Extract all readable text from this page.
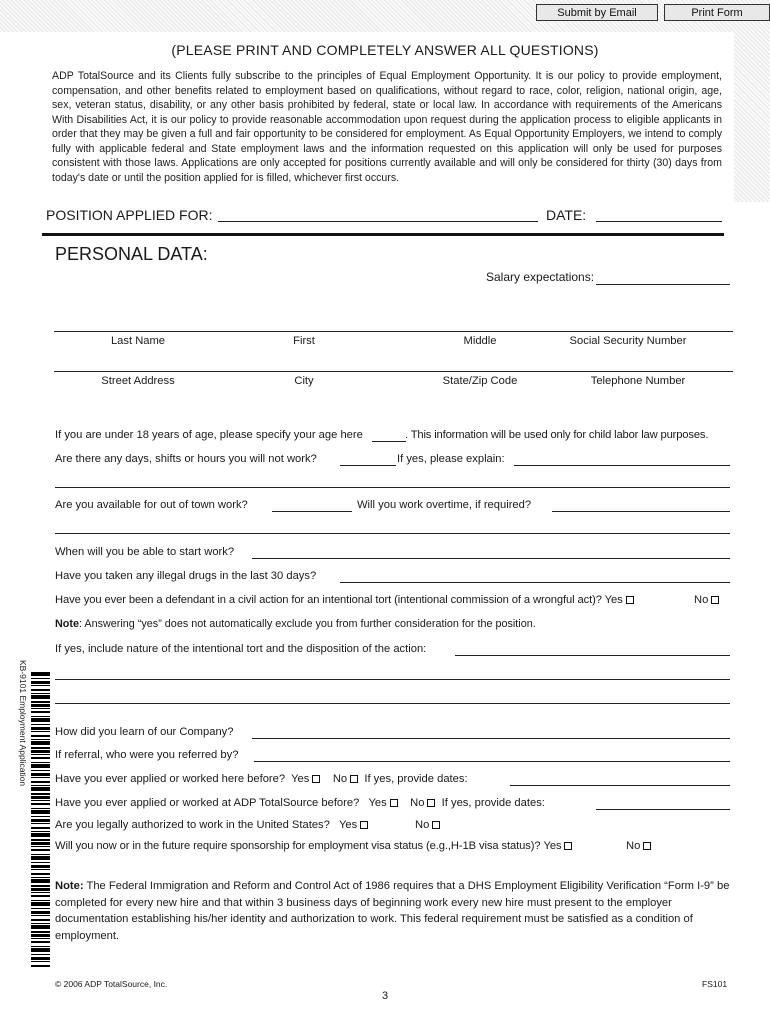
Submit by Email	Print Form
(PLEASE PRINT AND COMPLETELY ANSWER ALL QUESTIONS)
ADP TotalSource and its Clients fully subscribe to the principles of Equal Employment Opportunity. It is our policy to provide employment, compensation, and other benefits related to employment based on qualifications, without regard to race, color, religion, national origin, age, sex, veteran status, disability, or any other basis prohibited by federal, state or local law. In accordance with requirements of the Americans With Disabilities Act, it is our policy to provide reasonable accommodation upon request during the application process to eligible applicants in order that they may be given a full and fair opportunity to be considered for employment. As Equal Opportunity Employers, we intend to comply fully with applicable federal and State employment laws and the information requested on this application will only be used for purposes consistent with those laws. Applications are only accepted for positions currently available and will only be considered for thirty (30) days from today's date or until the position applied for is filled, whichever first occurs.
POSITION APPLIED FOR:	DATE:
PERSONAL DATA:
Salary expectations:
Last Name	First	Middle	Social Security Number
Street Address	City	State/Zip Code	Telephone Number
If you are under 18 years of age, please specify your age here	. This information will be used only for child labor law purposes.
Are there any days, shifts or hours you will not work?	If yes, please explain:
Are you available for out of town work?	Will you work overtime, if required?
When will you be able to start work?
Have you taken any illegal drugs in the last 30 days?
Have you ever been a defendant in a civil action for an intentional tort (intentional commission of a wrongful act)? Yes	No
Note: Answering “yes” does not automatically exclude you from further consideration for the position.
If yes, include nature of the intentional tort and the disposition of the action:
How did you learn of our Company?
If referral, who were you referred by?
Have you ever applied or worked here before? Yes No If yes, provide dates:
Have you ever applied or worked at ADP TotalSource before? Yes No If yes, provide dates:
Are you legally authorized to work in the United States? Yes	No
Will you now or in the future require sponsorship for employment visa status (e.g.,H-1B visa status)? Yes	No
Note: The Federal Immigration and Reform and Control Act of 1986 requires that a DHS Employment Eligibility Verification “Form I-9” be completed for every new hire and that within 3 business days of beginning work every new hire must present to the employer documentation establishing his/her identity and authorization to work. This federal requirement must be satisfied as a condition of employment.
KB-9101 Employment Application
© 2006 ADP TotalSource, Inc.
3
FS101
